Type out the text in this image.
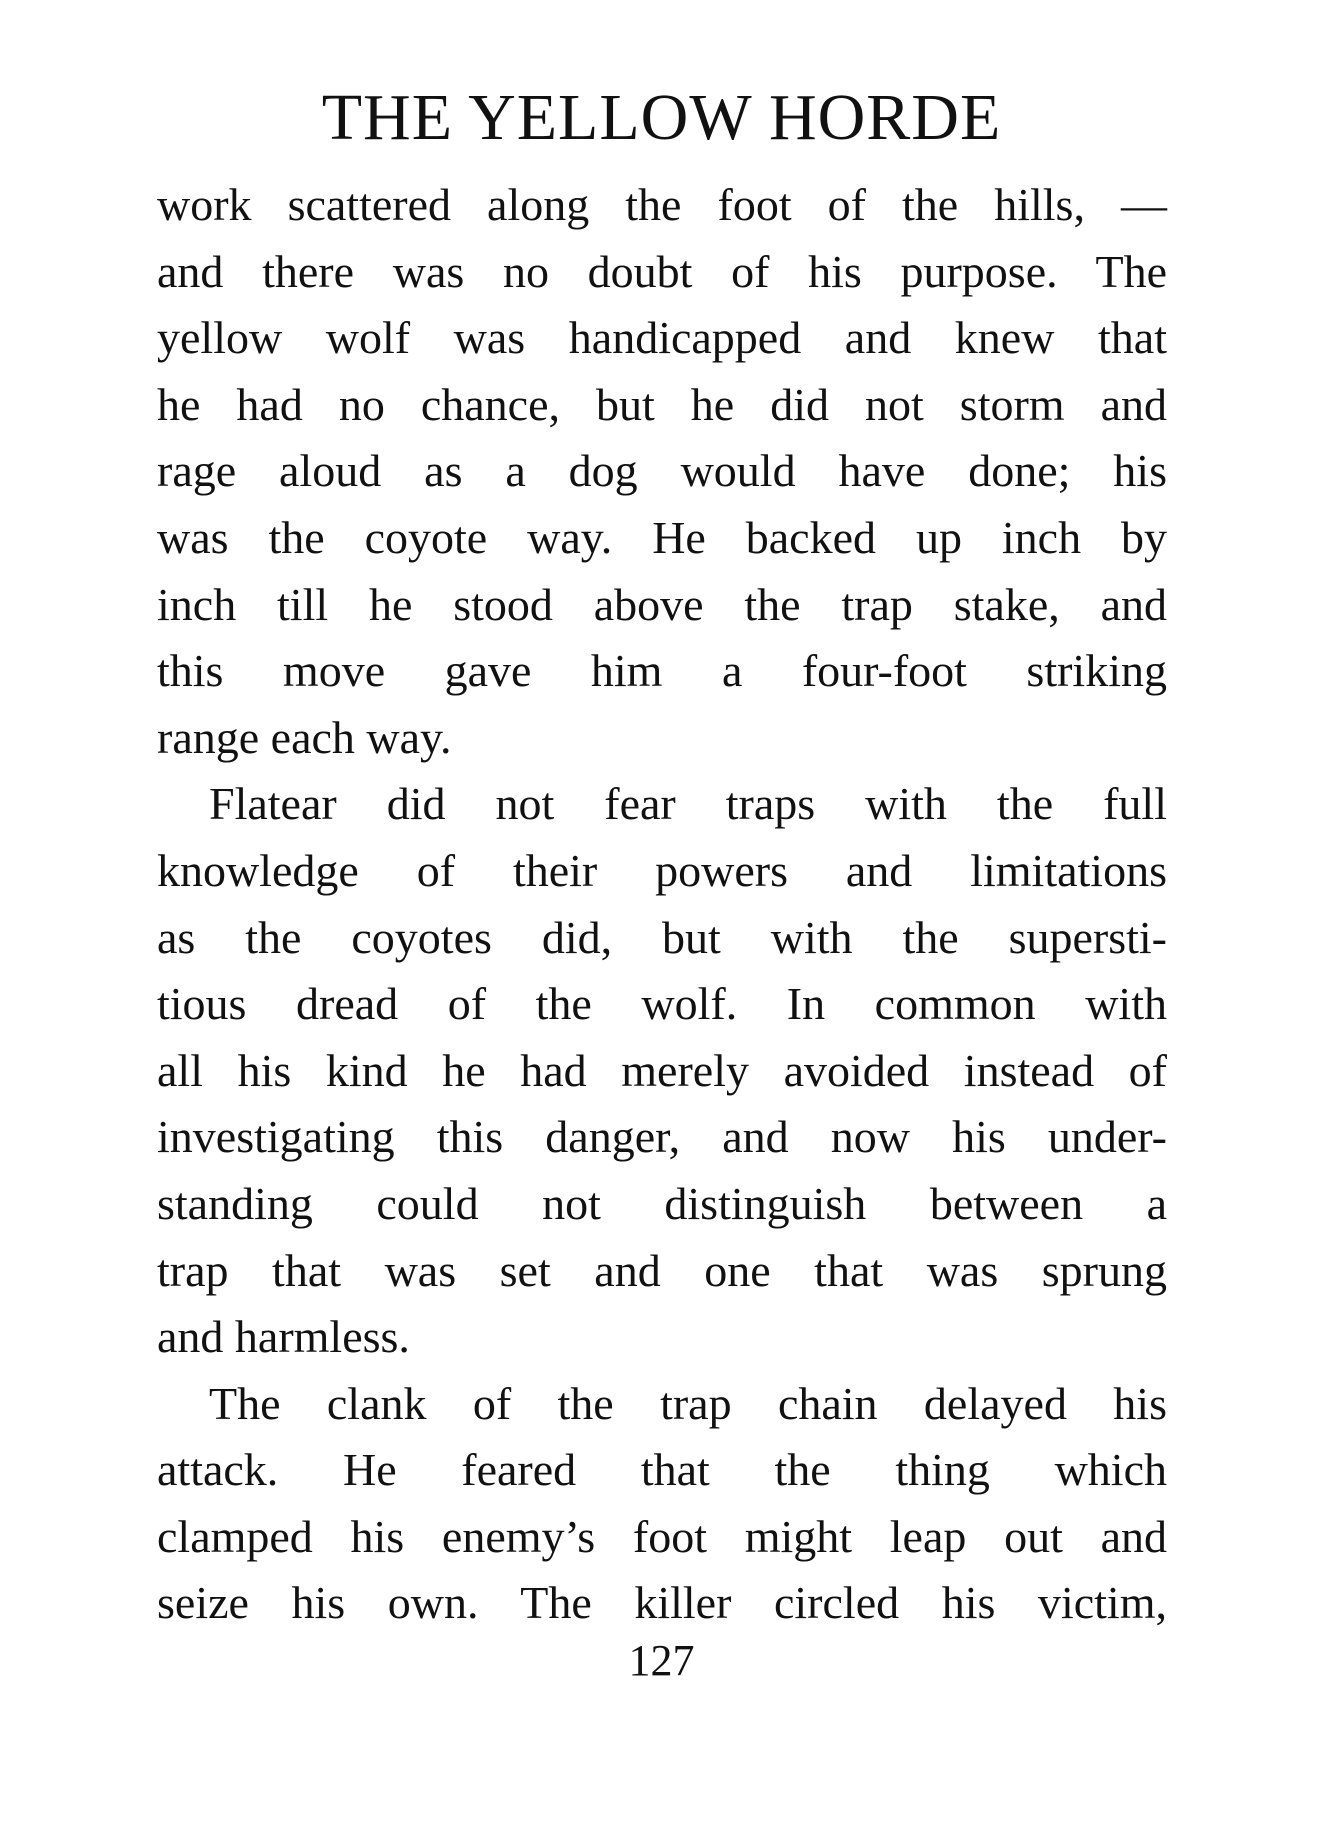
THE YELLOW HORDE
work scattered along the foot of the hills, —
and there was no doubt of his purpose. The
yellow wolf was handicapped and knew that
he had no chance, but he did not storm and
rage aloud as a dog would have done; his
was the coyote way. He backed up inch by
inch till he stood above the trap stake, and
this move gave him a four-foot striking
range each way.
Flatear did not fear traps with the full
knowledge of their powers and limitations
as the coyotes did, but with the supersti-
tious dread of the wolf. In common with
all his kind he had merely avoided instead of
investigating this danger, and now his under-
standing could not distinguish between a
trap that was set and one that was sprung
and harmless.
The clank of the trap chain delayed his
attack. He feared that the thing which
clamped his enemy’s foot might leap out and
seize his own. The killer circled his victim,
127
